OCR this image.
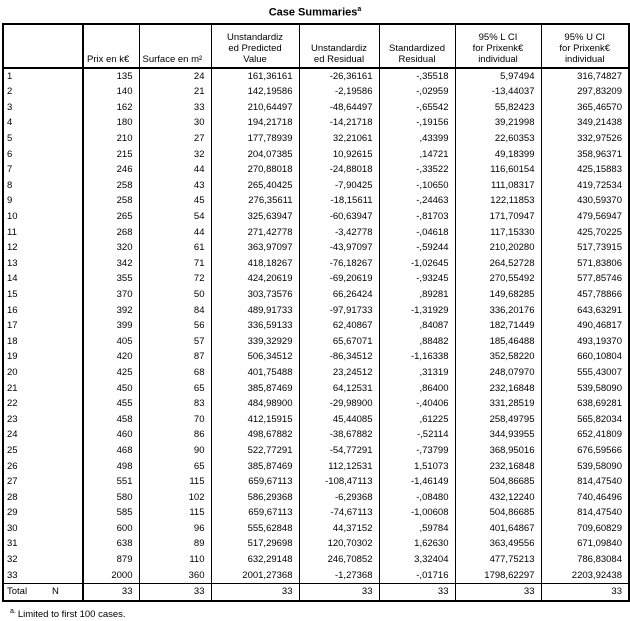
Case Summaries$^a$
	Prix en k€	Surface en m²	Unstandardiz
ed Predicted
Value	Unstandardiz
ed Residual	Standardized
Residual	95% L CI
for Prixenk€
individual	95% U CI
for Prixenk€
individual
1	135	24	161,36161	-26,36161	-,35518	5,97494	316,74827
2	140	21	142,19586	-2,19586	-,02959	-13,44037	297,83209
3	162	33	210,64497	-48,64497	-,65542	55,82423	365,46570
4	180	30	194,21718	-14,21718	-,19156	39,21998	349,21438
5	210	27	177,78939	32,21061	,43399	22,60353	332,97526
6	215	32	204,07385	10,92615	,14721	49,18399	358,96371
7	246	44	270,88018	-24,88018	-,33522	116,60154	425,15883
8	258	43	265,40425	-7,90425	-,10650	111,08317	419,72534
9	258	45	276,35611	-18,15611	-,24463	122,11853	430,59370
10	265	54	325,63947	-60,63947	-,81703	171,70947	479,56947
11	268	44	271,42778	-3,42778	-,04618	117,15330	425,70225
12	320	61	363,97097	-43,97097	-,59244	210,20280	517,73915
13	342	71	418,18267	-76,18267	-1,02645	264,52728	571,83806
14	355	72	424,20619	-69,20619	-,93245	270,55492	577,85746
15	370	50	303,73576	66,26424	,89281	149,68285	457,78866
16	392	84	489,91733	-97,91733	-1,31929	336,20176	643,63291
17	399	56	336,59133	62,40867	,84087	182,71449	490,46817
18	405	57	339,32929	65,67071	,88482	185,46488	493,19370
19	420	87	506,34512	-86,34512	-1,16338	352,58220	660,10804
20	425	68	401,75488	23,24512	,31319	248,07970	555,43007
21	450	65	385,87469	64,12531	,86400	232,16848	539,58090
22	455	83	484,98900	-29,98900	-,40406	331,28519	638,69281
23	458	70	412,15915	45,44085	,61225	258,49795	565,82034
24	460	86	498,67882	-38,67882	-,52114	344,93955	652,41809
25	468	90	522,77291	-54,77291	-,73799	368,95016	676,59566
26	498	65	385,87469	112,12531	1,51073	232,16848	539,58090
27	551	115	659,67113	-108,47113	-1,46149	504,86685	814,47540
28	580	102	586,29368	-6,29368	-,08480	432,12240	740,46496
29	585	115	659,67113	-74,67113	-1,00608	504,86685	814,47540
30	600	96	555,62848	44,37152	,59784	401,64867	709,60829
31	638	89	517,29698	120,70302	1,62630	363,49556	671,09840
32	879	110	632,29148	246,70852	3,32404	477,75213	786,83084
33	2000	360	2001,27368	-1,27368	-,01716	1798,62297	2203,92438
Total N	33	33	33	33	33	33	33
$^{a.}$ Limited to first 100 cases.
